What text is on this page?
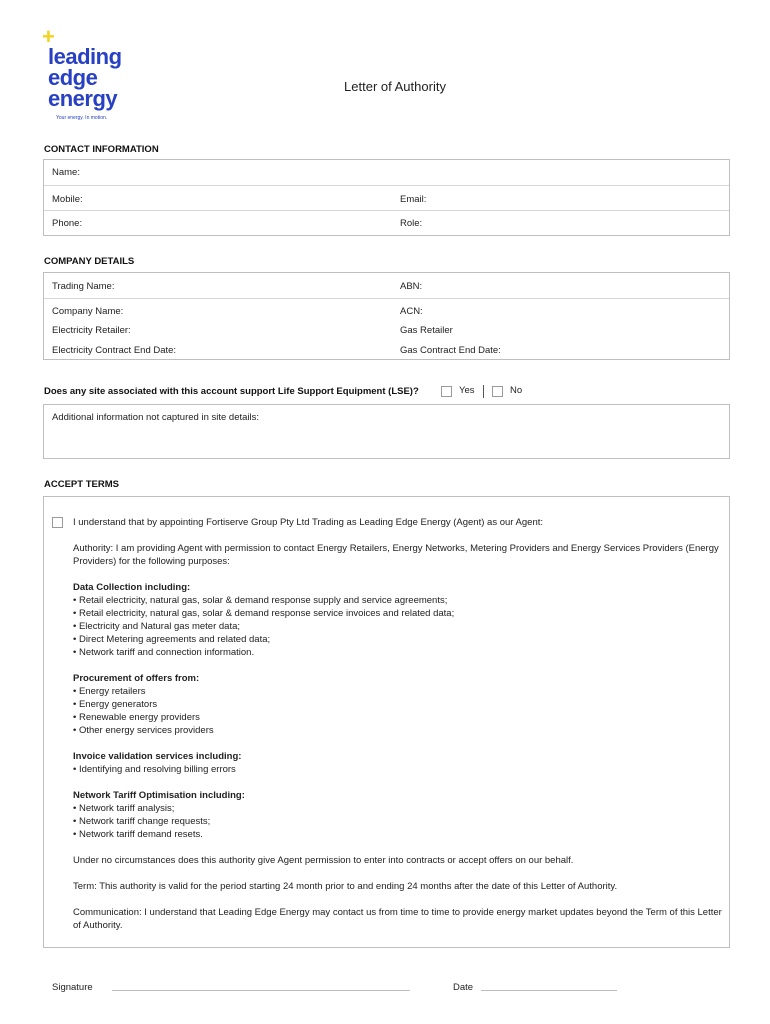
+
leading
edge
energy
Your energy. In motion.
Letter of Authority
CONTACT INFORMATION
Name:
Mobile:	Email:
Phone:	Role:
COMPANY DETAILS
Trading Name:	ABN:
Company Name:	ACN:
Electricity Retailer:	Gas Retailer
Electricity Contract End Date:	Gas Contract End Date:
Does any site associated with this account support Life Support Equipment (LSE)?	Yes	No
Additional information not captured in site details:
ACCEPT TERMS

I understand that by appointing Fortiserve Group Pty Ltd Trading as Leading Edge Energy (Agent) as our Agent:

Authority: I am providing Agent with permission to contact Energy Retailers, Energy Networks, Metering Providers and Energy Services Providers (Energy Providers) for the following purposes:

Data Collection including:
• Retail electricity, natural gas, solar & demand response supply and service agreements;
• Retail electricity, natural gas, solar & demand response service invoices and related data;
• Electricity and Natural gas meter data;
• Direct Metering agreements and related data;
• Network tariff and connection information.
Procurement of offers from:
• Energy retailers
• Energy generators
• Renewable energy providers
• Other energy services providers
Invoice validation services including:
• Identifying and resolving billing errors
Network Tariff Optimisation including:
• Network tariff analysis;
• Network tariff change requests;
• Network tariff demand resets.

Under no circumstances does this authority give Agent permission to enter into contracts or accept offers on our behalf.

Term: This authority is valid for the period starting 24 month prior to and ending 24 months after the date of this Letter of Authority.

Communication: I understand that Leading Edge Energy may contact us from time to time to provide energy market updates beyond the Term of this Letter of Authority.

Signature	Date
